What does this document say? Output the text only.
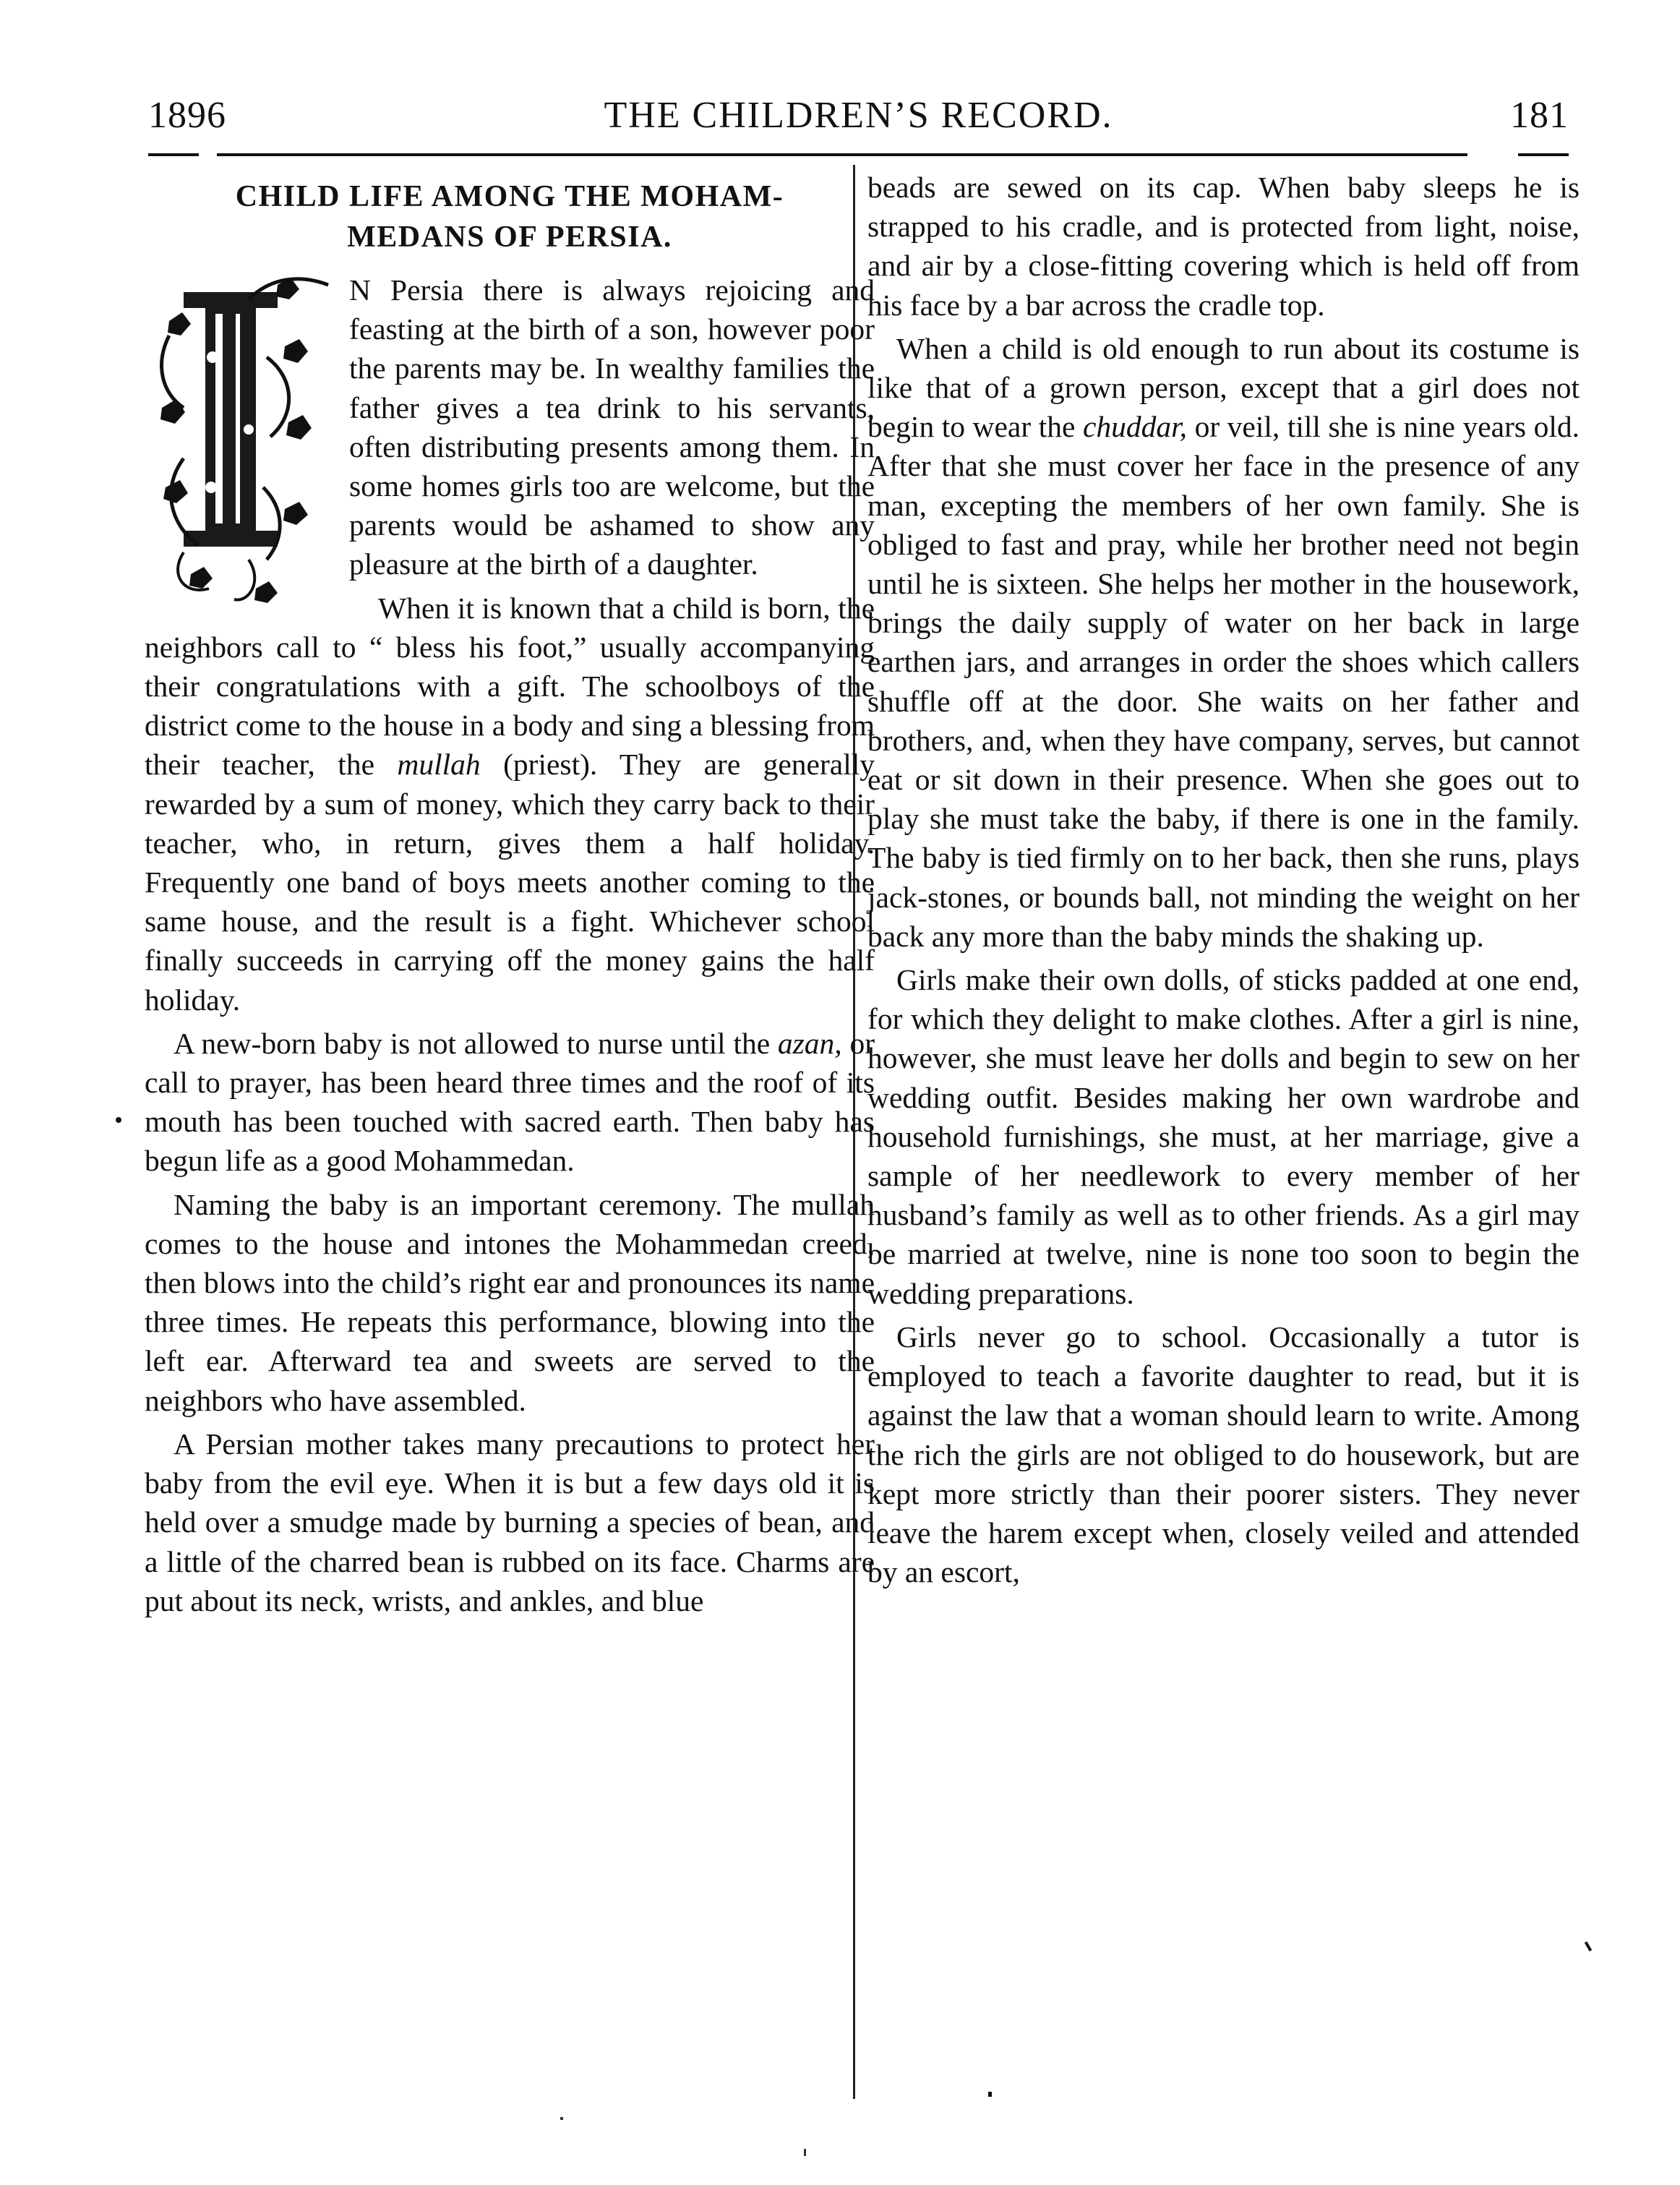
1896	THE CHILDREN’S RECORD.	181
CHILD LIFE AMONG THE MOHAM-
MEDANS OF PERSIA.

N Persia there is always rejoicing and feasting at the birth of a son, however poor the parents may be. In wealthy families the father gives a tea drink to his servants, often distributing presents among them. In some homes girls too are welcome, but the parents would be ashamed to show any pleasure at the birth of a daughter.

When it is known that a child is born, the neighbors call to “ bless his foot,” usually accompanying their congratulations with a gift. The schoolboys of the district come to the house in a body and sing a blessing from their teacher, the mullah (priest). They are generally rewarded by a sum of money, which they carry back to their teacher, who, in return, gives them a half holiday. Frequently one band of boys meets another coming to the same house, and the result is a fight. Whichever school finally succeeds in carrying off the money gains the half holiday.

A new-born baby is not allowed to nurse until the azan, or call to prayer, has been heard three times and the roof of its mouth has been touched with sacred earth. Then baby has begun life as a good Mohammedan.

Naming the baby is an important ceremony. The mullah comes to the house and intones the Mohammedan creed, then blows into the child’s right ear and pronounces its name three times. He repeats this performance, blowing into the left ear. Afterward tea and sweets are served to the neighbors who have assembled.

A Persian mother takes many precautions to protect her baby from the evil eye. When it is but a few days old it is held over a smudge made by burning a species of bean, and a little of the charred bean is rubbed on its face. Charms are put about its neck, wrists, and ankles, and blue

beads are sewed on its cap. When baby sleeps he is strapped to his cradle, and is protected from light, noise, and air by a close-fitting covering which is held off from his face by a bar across the cradle top.

When a child is old enough to run about its costume is like that of a grown person, except that a girl does not begin to wear the chuddar, or veil, till she is nine years old. After that she must cover her face in the presence of any man, excepting the members of her own family. She is obliged to fast and pray, while her brother need not begin until he is sixteen. She helps her mother in the housework, brings the daily supply of water on her back in large earthen jars, and arranges in order the shoes which callers shuffle off at the door. She waits on her father and brothers, and, when they have company, serves, but cannot eat or sit down in their presence. When she goes out to play she must take the baby, if there is one in the family. The baby is tied firmly on to her back, then she runs, plays jack-stones, or bounds ball, not minding the weight on her back any more than the baby minds the shaking up.

Girls make their own dolls, of sticks padded at one end, for which they delight to make clothes. After a girl is nine, however, she must leave her dolls and begin to sew on her wedding outfit. Besides making her own wardrobe and household furnishings, she must, at her marriage, give a sample of her needlework to every member of her husband’s family as well as to other friends. As a girl may be married at twelve, nine is none too soon to begin the wedding preparations.

Girls never go to school. Occasionally a tutor is employed to teach a favorite daughter to read, but it is against the law that a woman should learn to write. Among the rich the girls are not obliged to do housework, but are kept more strictly than their poorer sisters. They never leave the harem except when, closely veiled and attended by an escort,
